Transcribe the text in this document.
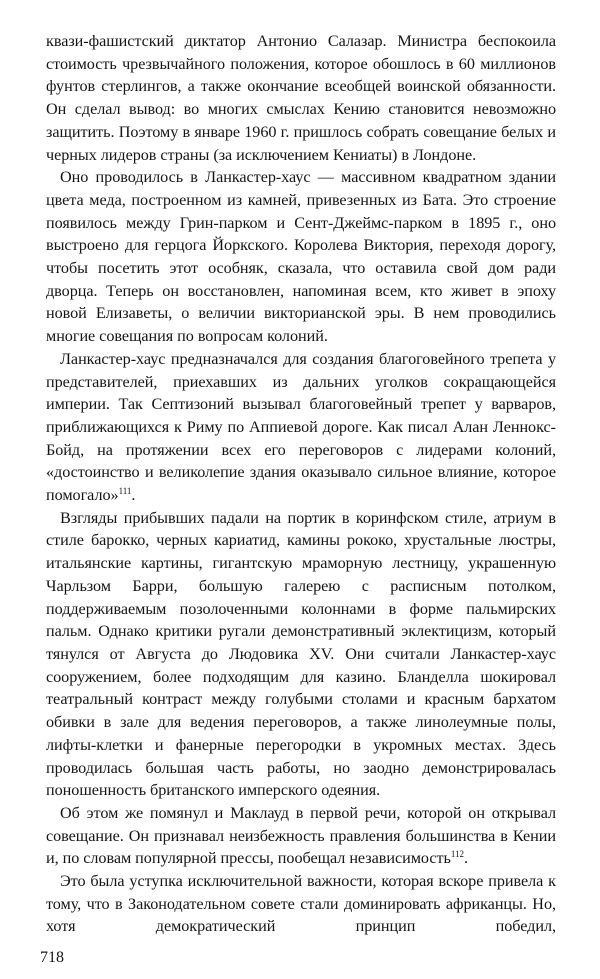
квази-фашистский диктатор Антонио Салазар. Министра беспокоила стоимость чрезвычайного положения, которое обошлось в 60 миллионов фунтов стерлингов, а также окончание всеобщей воинской обязанности. Он сделал вывод: во многих смыслах Кению становится невозможно защитить. Поэтому в январе 1960 г. пришлось собрать совещание белых и черных лидеров страны (за исключением Кениаты) в Лондоне.

Оно проводилось в Ланкастер-хаус — массивном квадратном здании цвета меда, построенном из камней, привезенных из Бата. Это строение появилось между Грин-парком и Сент-Джеймс-парком в 1895 г., оно выстроено для герцога Йоркского. Королева Виктория, переходя дорогу, чтобы посетить этот особняк, сказала, что оставила свой дом ради дворца. Теперь он восстановлен, напоминая всем, кто живет в эпоху новой Елизаветы, о величии викторианской эры. В нем проводились многие совещания по вопросам колоний.

Ланкастер-хаус предназначался для создания благоговейного трепета у представителей, приехавших из дальних уголков сокращающейся империи. Так Септизоний вызывал благоговейный трепет у варваров, приближающихся к Риму по Аппиевой дороге. Как писал Алан Леннокс-Бойд, на протяжении всех его переговоров с лидерами колоний, «достоинство и великолепие здания оказывало сильное влияние, которое помогало»$^{111}$.

Взгляды прибывших падали на портик в коринфском стиле, атриум в стиле барокко, черных кариатид, камины рококо, хрустальные люстры, итальянские картины, гигантскую мраморную лестницу, украшенную Чарльзом Барри, большую галерею с расписным потолком, поддерживаемым позолоченными колоннами в форме пальмирских пальм. Однако критики ругали демонстративный эклектицизм, который тянулся от Августа до Людовика XV. Они считали Ланкастер-хаус сооружением, более подходящим для казино. Бланделла шокировал театральный контраст между голубыми столами и красным бархатом обивки в зале для ведения переговоров, а также линолеумные полы, лифты-клетки и фанерные перегородки в укромных местах. Здесь проводилась большая часть работы, но заодно демонстрировалась поношенность британского имперского одеяния.

Об этом же помянул и Маклауд в первой речи, которой он открывал совещание. Он признавал неизбежность правления большинства в Кении и, по словам популярной прессы, пообещал независимость$^{112}$.

Это была уступка исключительной важности, которая вскоре привела к тому, что в Законодательном совете стали доминировать африканцы. Но, хотя демократический принцип победил,

718
